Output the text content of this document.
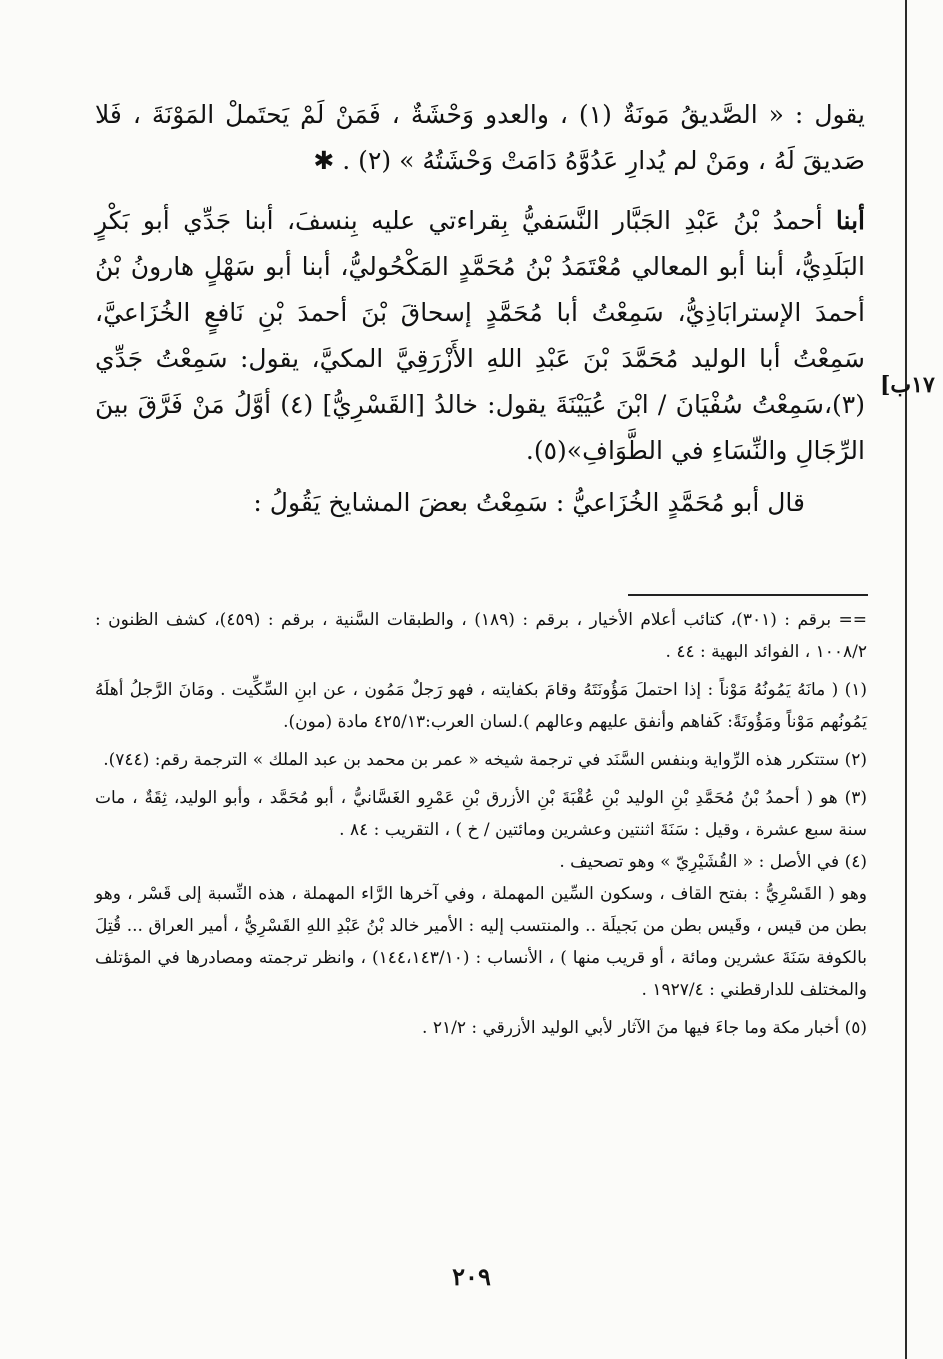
١٧ب]

يقول : « الصَّديقُ مَونَةٌ (١) ، والعدو وَحْشَةٌ ، فَمَنْ لَمْ يَحتَملْ المَوْنَةَ ، فَلا صَديقَ لَهُ ، ومَنْ لم يُدارِ عَدُوَّهُ دَامَتْ وَحْشَتُهُ » (٢) . ✱

أبنا أحمدُ بْنُ عَبْدِ الجَبَّار النَّسَفيُّ بِقراءتي عليه بِنسفَ، أبنا جَدِّي أبو بَكْرٍ البَلَدِيُّ، أبنا أبو المعالي مُعْتَمَدُ بْنُ مُحَمَّدٍ المَكْحُوليُّ، أبنا أبو سَهْلٍ هارونُ بْنُ أحمدَ الإسترابَاذِيُّ، سَمِعْتُ أبا مُحَمَّدٍ إسحاقَ بْنَ أحمدَ بْنِ نَافعٍ الخُزَاعيَّ، سَمِعْتُ أبا الوليد مُحَمَّدَ بْنَ عَبْدِ اللهِ الأَزْرَقِيَّ المكيَّ، يقول: سَمِعْتُ جَدِّي (٣)،سَمِعْتُ سُفْيَانَ / ابْنَ عُيَيْنَةَ يقول: خالدُ [القَسْرِيُّ] (٤) أوَّلُ مَنْ فَرَّقَ بينَ الرِّجَالِ والنِّسَاءِ في الطَّوَافِ»(٥).

قال أبو مُحَمَّدٍ الخُزَاعيُّ : سَمِعْتُ بعضَ المشايخ يَقُولُ :

== برقم : (٣٠١)، كتائب أعلام الأخيار ، برقم : (١٨٩) ، والطبقات السَّنية ، برقم : (٤٥٩)، كشف الظنون : ١٠٠٨/٢ ، الفوائد البهية : ٤٤ .

(١) ( مانَهُ يَمُونُهُ مَوْناً : إذا احتملَ مَؤُونَتَهُ وقامَ بكفايته ، فهو رَجلٌ مَمُون ، عن ابنِ السِّكِّيت . ومَانَ الرَّجلُ أهلَهُ يَمُونُهم مَوْناً ومَؤُونَةً: كَفاهم وأنفق عليهم وعالهم ).لسان العرب:٤٢٥/١٣ مادة (مون).

(٢) ستتكرر هذه الرِّواية وبنفس السَّنَد في ترجمة شيخه « عمر بن محمد بن عبد الملك » الترجمة رقم: (٧٤٤).

(٣) هو ( أحمدُ بْنُ مُحَمَّدِ بْنِ الوليد بْنِ عُقْبَةَ بْنِ الأزرق بْنِ عَمْرِو الغَسَّانيُّ ، أبو مُحَمَّد ، وأبو الوليد، ثِقَةٌ ، مات سنة سبع عشرة ، وقيل : سَنَةَ اثنتين وعشرين ومائتين / خ ) ، التقريب : ٨٤ .

(٤) في الأصل : « القُشَيْرِيّ » وهو تصحيف .

وهو ( القَسْرِيُّ : بفتح القاف ، وسكون السِّين المهملة ، وفي آخرها الرَّاء المهملة ، هذه النِّسبة إلى قَسْر ، وهو بطن من قيس ، وقَيس بطن من بَجيلَة .. والمنتسب إليه : الأمير خالد بْنُ عَبْدِ اللهِ القَسْرِيُّ ، أمير العراق ... قُتِلَ بالكوفة سَنَةَ عشرين ومائة ، أو قريب منها ) ، الأنساب : (١٤٤،١٤٣/١٠) ، وانظر ترجمته ومصادرها في المؤتلف والمختلف للدارقطني : ١٩٢٧/٤ .

(٥) أخبار مكة وما جاءَ فيها منَ الآثار لأبي الوليد الأزرقي : ٢١/٢ .

٢٠٩
